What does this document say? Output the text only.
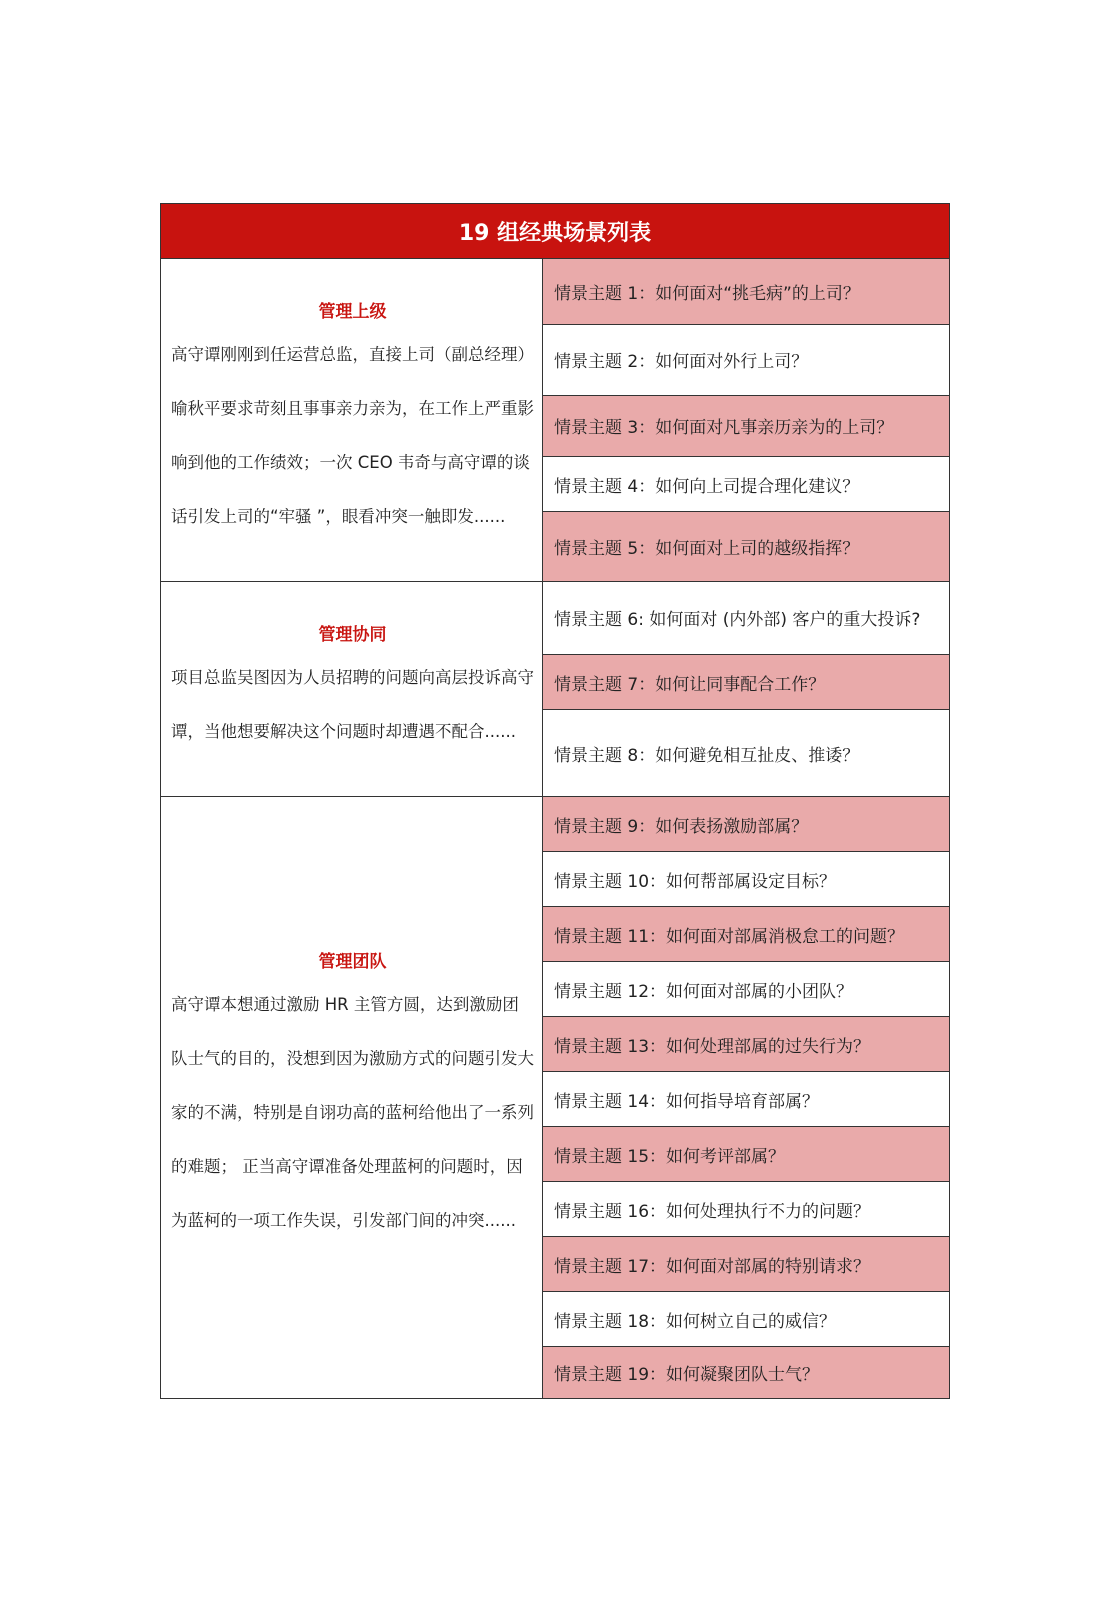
19 组经典场景列表
管理上级
高守谭刚刚到任运营总监，直接上司（副总经理）喻秋平要求苛刻且事事亲力亲为，在工作上严重影响到他的工作绩效；一次 CEO 韦奇与高守谭的谈话引发上司的“牢骚 ”，眼看冲突一触即发......
情景主题 1：如何面对“挑毛病”的上司？
情景主题 2：如何面对外行上司？
情景主题 3：如何面对凡事亲历亲为的上司？
情景主题 4：如何向上司提合理化建议？
情景主题 5：如何面对上司的越级指挥？
管理协同
项目总监吴图因为人员招聘的问题向高层投诉高守谭，当他想要解决这个问题时却遭遇不配合......
情景主题 6: 如何面对 (内外部) 客户的重大投诉?
情景主题 7：如何让同事配合工作？
情景主题 8：如何避免相互扯皮、推诿？
管理团队
高守谭本想通过激励 HR 主管方圆，达到激励团队士气的目的，没想到因为激励方式的问题引发大家的不满，特别是自诩功高的蓝柯给他出了一系列的难题； 正当高守谭准备处理蓝柯的问题时，因为蓝柯的一项工作失误，引发部门间的冲突......
情景主题 9：如何表扬激励部属？
情景主题 10：如何帮部属设定目标？
情景主题 11：如何面对部属消极怠工的问题？
情景主题 12：如何面对部属的小团队？
情景主题 13：如何处理部属的过失行为？
情景主题 14：如何指导培育部属？
情景主题 15：如何考评部属？
情景主题 16：如何处理执行不力的问题？
情景主题 17：如何面对部属的特别请求？
情景主题 18：如何树立自己的威信？
情景主题 19：如何凝聚团队士气？
